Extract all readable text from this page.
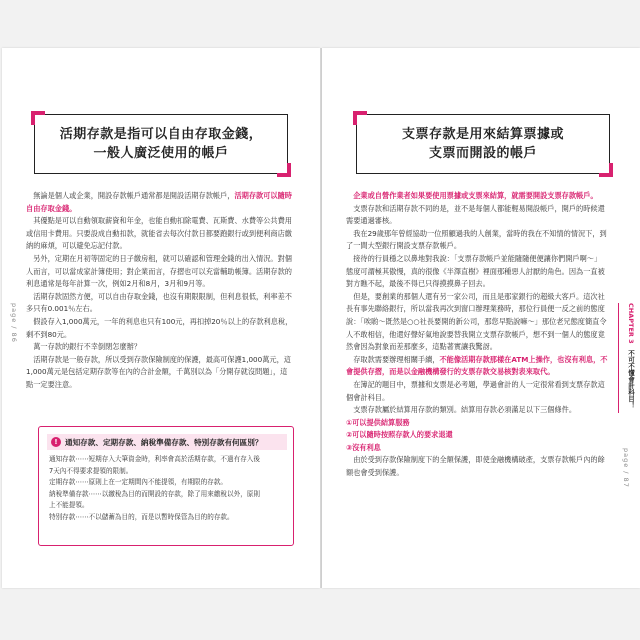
活期存款是指可以自由存取金錢，
一般人廣泛使用的帳戶

無論是個人或企業，開設存款帳戶通常都是開設活期存款帳戶，活期存款可以隨時自由存取金錢。

其優點是可以自動領取薪資和年金，也能自動扣除電費、瓦斯費、水費等公共費用或信用卡費用。只要設成自動扣款，就能省去每次付款日都要跑銀行或到便利商店繳納的麻煩，可以避免忘記付款。

另外，定期在月初等固定的日子繳房租，就可以確認和管理金錢的出入情況。對個人而言，可以當成家計簿使用；對企業而言，存摺也可以充當輔助帳簿。活期存款的利息通常是每年計算一次，例如2月和8月，3月和9月等。

活期存款固然方便，可以自由存取金錢，也沒有期限限制，但利息很低，利率差不多只有0.001％左右。

假設存入1,000萬元，一年的利息也只有100元，再扣掉20％以上的存款利息稅，剩不到80元。

萬一存款的銀行不幸倒閉怎麼辦？

活期存款是一般存款，所以受到存款保險制度的保護，最高可保護1,000萬元，這1,000萬元是包括定期存款等在內的合計金額，千萬別以為「分開存就沒問題」，這點一定要注意。

! 通知存款、定期存款、納稅準備存款、特別存款有何區別？
通知存款⋯⋯短期存入大筆資金時，利率會高於活期存款，不過有存入後
7天內不得要求提領的限制。
定期存款⋯⋯原則上在一定期間內不能提領，有期限的存款。
納稅準備存款⋯⋯以繳稅為目的而開設的存款，除了用來繳稅以外，原則
上不能提領。
特別存款⋯⋯不以儲蓄為目的，而是以暫時保管為目的的存款。
page / 86
支票存款是用來結算票據或
支票而開設的帳戶

企業或自營作業者如果要使用票據或支票來結算，就需要開設支票存款帳戶。

支票存款和活期存款不同的是，並不是每個人都能輕易開設帳戶，開戶的時候還需要通過審核。

我在29歲那年曾經協助一位照顧過我的人創業，當時的我在不知情的情況下，到了一間大型銀行開設支票存款帳戶。

接待的行員穩之以鼻地對我說：「支票存款帳戶並能隨隨便便讓你們開戶啊～」態度可謂極其傲慢，真的很像《半澤直樹》裡面那種惡人討厭的角色。因為一直被對方瞧不起，最後不得已只得摸摸鼻子回去。

但是，要創業的那個人還有另一家公司，而且是那家銀行的超級大客戶。這次社長有事先聯絡銀行，所以當我再次到窗口辦理業務時，那位行員便一反之前的態度說：「唉喲～既然是○○社長要開的新公司，那您早點說嘛～」那位老兄態度簡直令人不敢相信，他還好聲好氣地說要替我開立支票存款帳戶，想不到一個人的態度竟然會因為對象而差那麼多，這點著實讓我驚訝。

存取款需要辦理相關手續，不能像活期存款那樣在ATM上操作，也沒有利息，不會提供存摺，而是以金融機構發行的支票存款交易核對表來取代。

在簿記的題目中，票據和支票是必考題，學過會計的人一定很常看到支票存款這個會計科目。

支票存款屬於結算用存款的類別。結算用存款必須滿足以下三個條件。

①可以提供結算服務
②可以隨時按照存款人的要求退還
③沒有利息

由於受到存款保險制度下的全額保護，即使金融機構破產，支票存款帳戶內的餘額也會受到保護。

CHAPTER 3 不可不懂會計科目！
page / 87
